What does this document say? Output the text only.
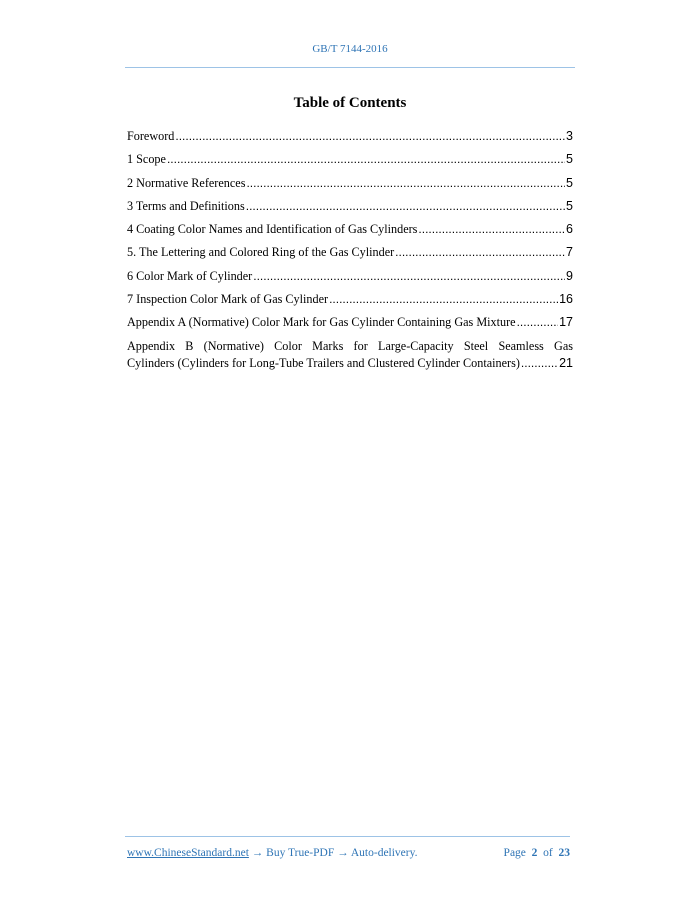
GB/T 7144-2016
Table of Contents
Foreword .....	3
1 Scope .....	5
2 Normative References .....	5
3 Terms and Definitions .....	5
4 Coating Color Names and Identification of Gas Cylinders .....	6
5. The Lettering and Colored Ring of the Gas Cylinder .....	7
6 Color Mark of Cylinder .....	9
7 Inspection Color Mark of Gas Cylinder .....	16
Appendix A (Normative) Color Mark for Gas Cylinder Containing Gas Mixture .....	17
Appendix B (Normative) Color Marks for Large-Capacity Steel Seamless Gas
Cylinders (Cylinders for Long-Tube Trailers and Clustered Cylinder Containers) .....	21
www.ChineseStandard.net → Buy True-PDF → Auto-delivery.	Page 2 of 23
